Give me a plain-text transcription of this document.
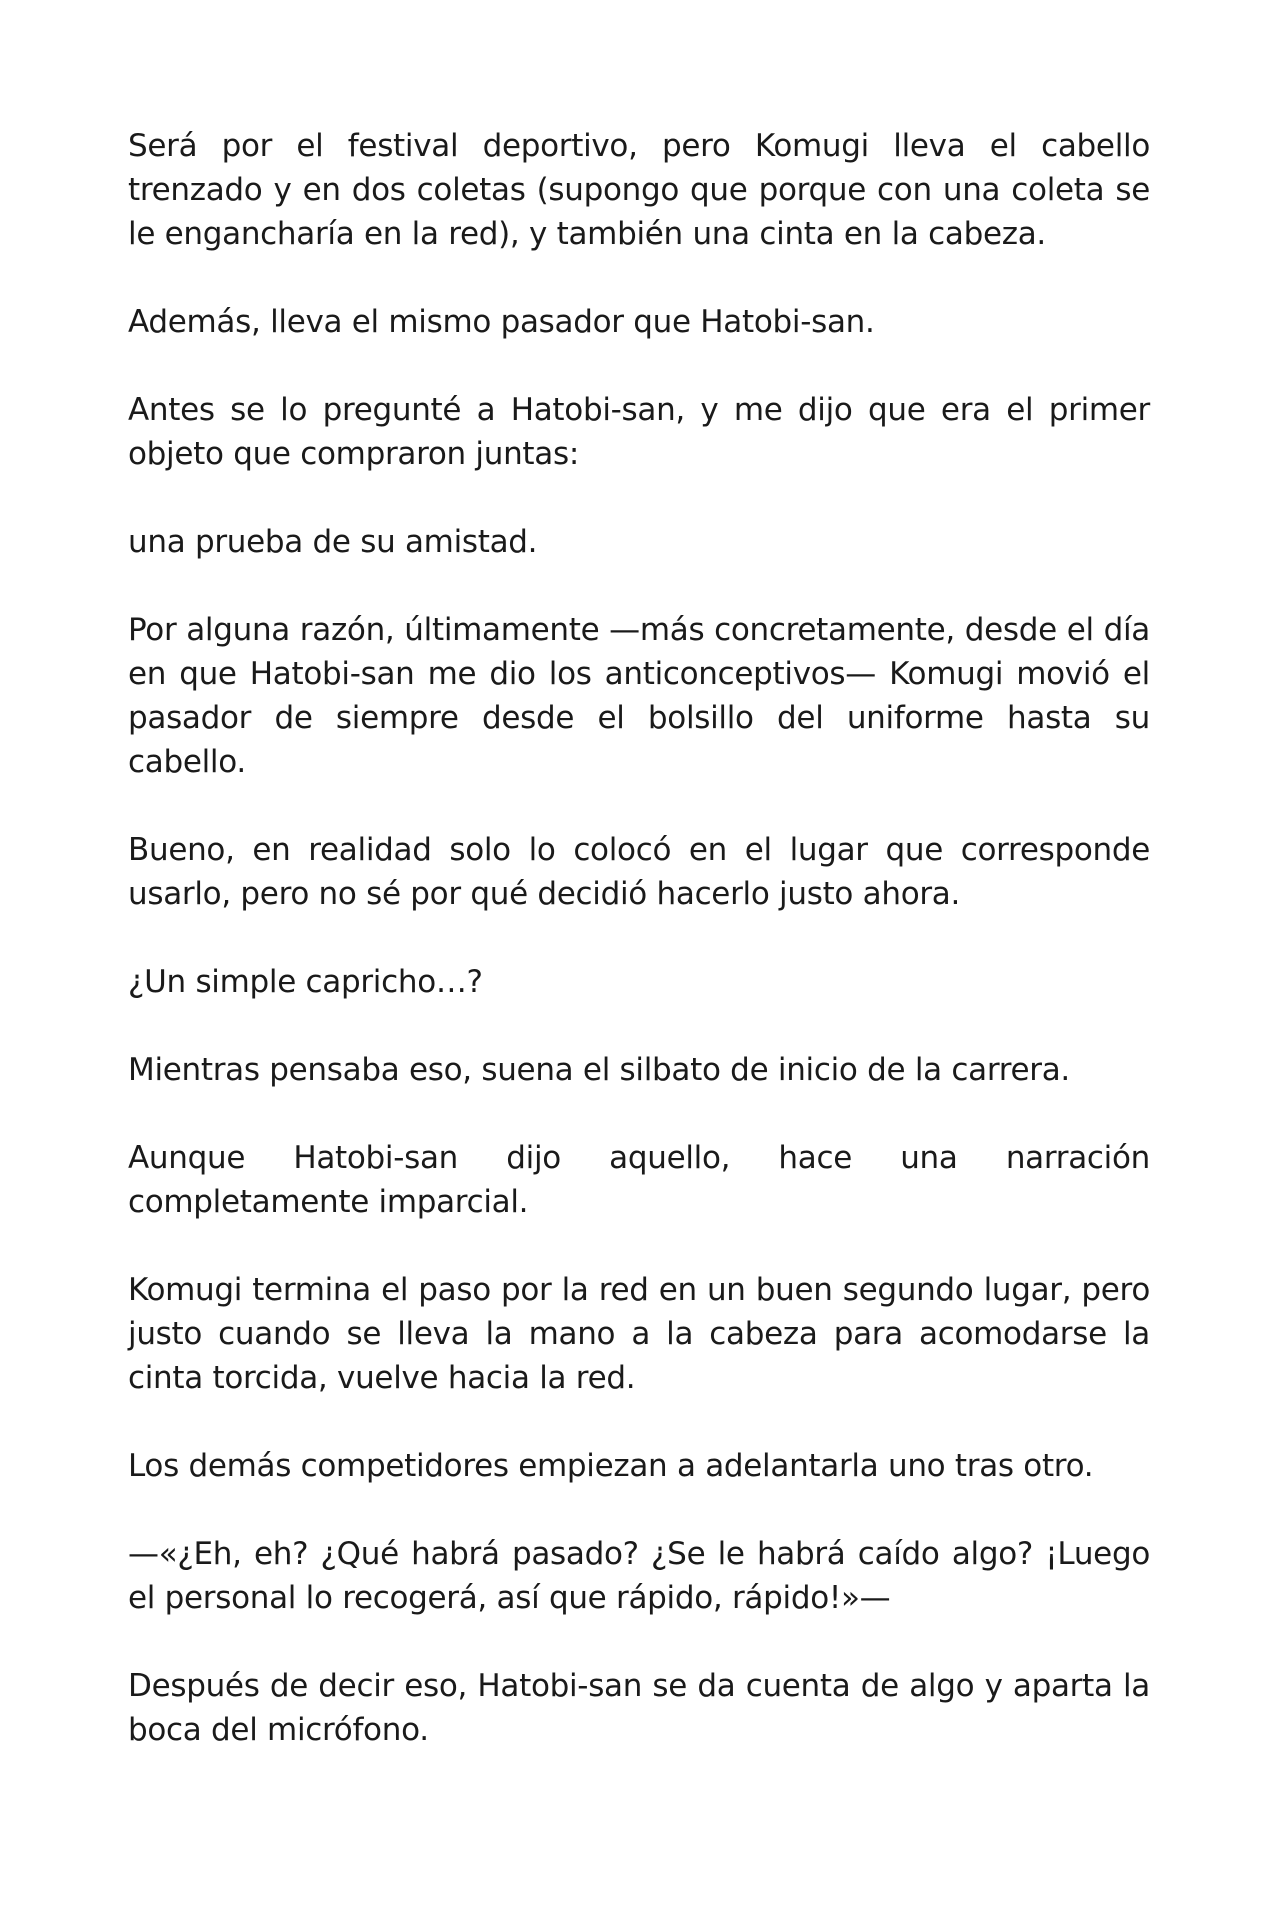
Será por el festival deportivo, pero Komugi lleva el cabello trenzado y en dos coletas (supongo que porque con una coleta se le engancharía en la red), y también una cinta en la cabeza.

Además, lleva el mismo pasador que Hatobi-san.

Antes se lo pregunté a Hatobi-san, y me dijo que era el primer objeto que compraron juntas:

una prueba de su amistad.

Por alguna razón, últimamente —más concretamente, desde el día en que Hatobi-san me dio los anticonceptivos— Komugi movió el pasador de siempre desde el bolsillo del uniforme hasta su cabello.

Bueno, en realidad solo lo colocó en el lugar que corresponde usarlo, pero no sé por qué decidió hacerlo justo ahora.

¿Un simple capricho…?

Mientras pensaba eso, suena el silbato de inicio de la carrera.

Aunque Hatobi-san dijo aquello, hace una narración completamente imparcial.

Komugi termina el paso por la red en un buen segundo lugar, pero justo cuando se lleva la mano a la cabeza para acomodarse la cinta torcida, vuelve hacia la red.

Los demás competidores empiezan a adelantarla uno tras otro.

—«¿Eh, eh? ¿Qué habrá pasado? ¿Se le habrá caído algo? ¡Luego el personal lo recogerá, así que rápido, rápido!»—

Después de decir eso, Hatobi-san se da cuenta de algo y aparta la boca del micrófono.
